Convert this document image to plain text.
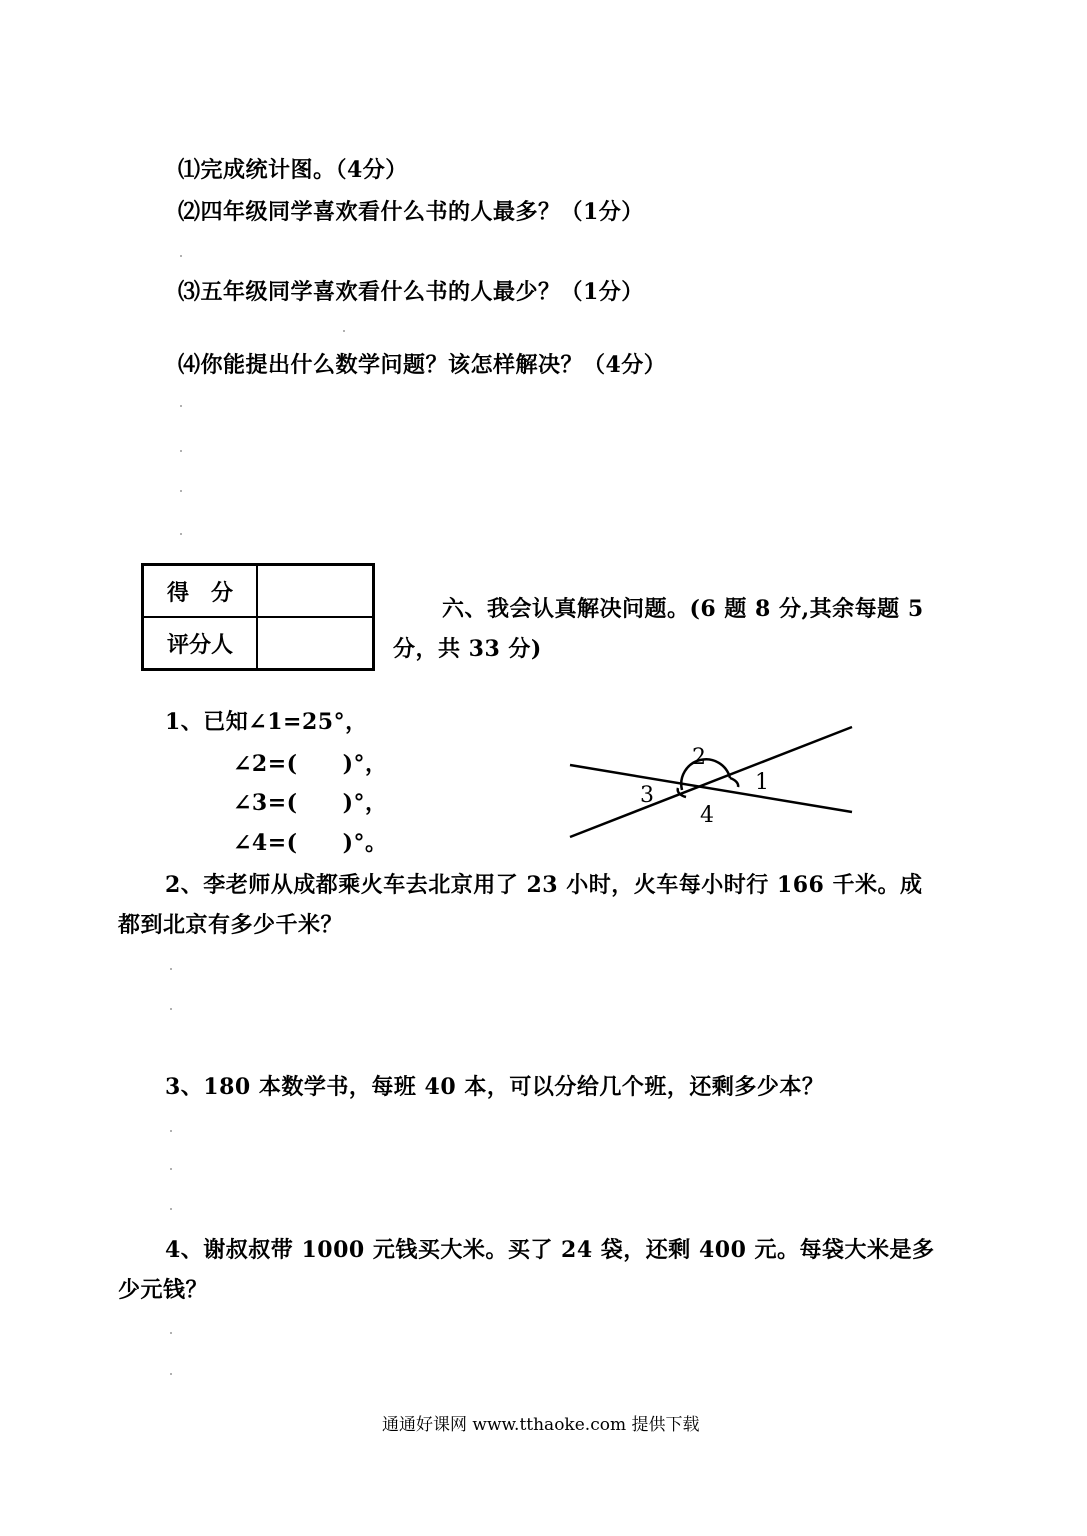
⑴完成统计图。（4分）
⑵四年级同学喜欢看什么书的人最多？（1分）
⑶五年级同学喜欢看什么书的人最少？（1分）
⑷你能提出什么数学问题？该怎样解决？（4分）
得　分	
评分人	
六、我会认真解决问题。(6 题 8 分,其余每题 5
分，共 33 分)
1、已知∠1=25°，
∠2=(　　)°，
∠3=(　　)°，
∠4=(　　)°。
1
2
3
4
2、李老师从成都乘火车去北京用了 23 小时，火车每小时行 166 千米。成
都到北京有多少千米？
3、180 本数学书，每班 40 本，可以分给几个班，还剩多少本？
4、谢叔叔带 1000 元钱买大米。买了 24 袋，还剩 400 元。每袋大米是多
少元钱？
通通好课网 www.tthaoke.com 提供下载
